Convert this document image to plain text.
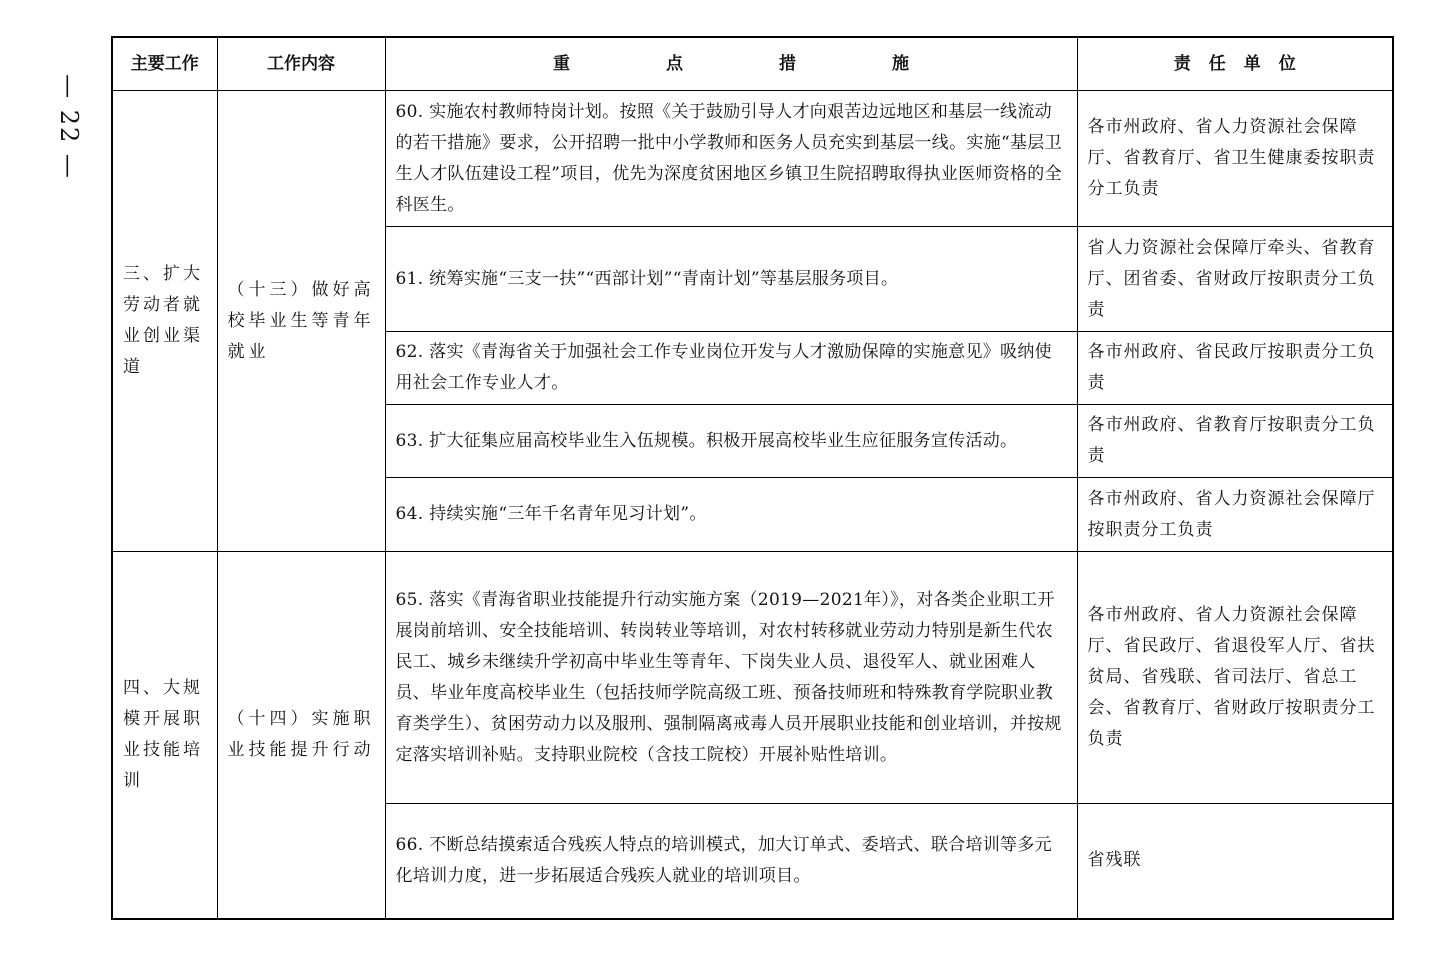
— 22 —
主要工作	工作内容	重点措施	责任单位
三、扩大劳动者就业创业渠道	（十三）做好高校毕业生等青年就业	60. 实施农村教师特岗计划。按照《关于鼓励引导人才向艰苦边远地区和基层一线流动的若干措施》要求，公开招聘一批中小学教师和医务人员充实到基层一线。实施“基层卫生人才队伍建设工程”项目，优先为深度贫困地区乡镇卫生院招聘取得执业医师资格的全科医生。	各市州政府、省人力资源社会保障厅、省教育厅、省卫生健康委按职责分工负责
		61. 统筹实施“三支一扶”“西部计划”“青南计划”等基层服务项目。	省人力资源社会保障厅牵头、省教育厅、团省委、省财政厅按职责分工负责
		62. 落实《青海省关于加强社会工作专业岗位开发与人才激励保障的实施意见》吸纳使用社会工作专业人才。	各市州政府、省民政厅按职责分工负责
		63. 扩大征集应届高校毕业生入伍规模。积极开展高校毕业生应征服务宣传活动。	各市州政府、省教育厅按职责分工负责
		64. 持续实施“三年千名青年见习计划”。	各市州政府、省人力资源社会保障厅按职责分工负责
四、大规模开展职业技能培训	（十四）实施职业技能提升行动	65. 落实《青海省职业技能提升行动实施方案（2019—2021年）》，对各类企业职工开展岗前培训、安全技能培训、转岗转业等培训，对农村转移就业劳动力特别是新生代农民工、城乡未继续升学初高中毕业生等青年、下岗失业人员、退役军人、就业困难人员、毕业年度高校毕业生（包括技师学院高级工班、预备技师班和特殊教育学院职业教育类学生）、贫困劳动力以及服刑、强制隔离戒毒人员开展职业技能和创业培训，并按规定落实培训补贴。支持职业院校（含技工院校）开展补贴性培训。	各市州政府、省人力资源社会保障厅、省民政厅、省退役军人厅、省扶贫局、省残联、省司法厅、省总工会、省教育厅、省财政厅按职责分工负责
		66. 不断总结摸索适合残疾人特点的培训模式，加大订单式、委培式、联合培训等多元化培训力度，进一步拓展适合残疾人就业的培训项目。	省残联
